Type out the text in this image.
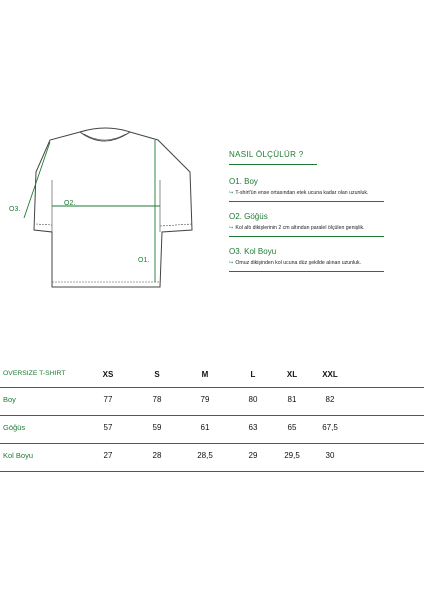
O2.
O1.
O3.
NASIL ÖLÇÜLÜR ?
O1. Boy
↪ T-shirt'ün ense ortasından etek ucuna kadar olan uzunluk.
O2. Göğüs
↪ Kol altı dikişlerinin 2 cm altından paralel ölçülen genişlik.
O3. Kol Boyu
↪ Omuz dikişinden kol ucuna düz şekilde alınan uzunluk.
OVERSIZE T-SHIRT	XS	S	M	L	XL	XXL
Boy	77	78	79	80	81	82
Göğüs	57	59	61	63	65	67,5
Kol Boyu	27	28	28,5	29	29,5	30
